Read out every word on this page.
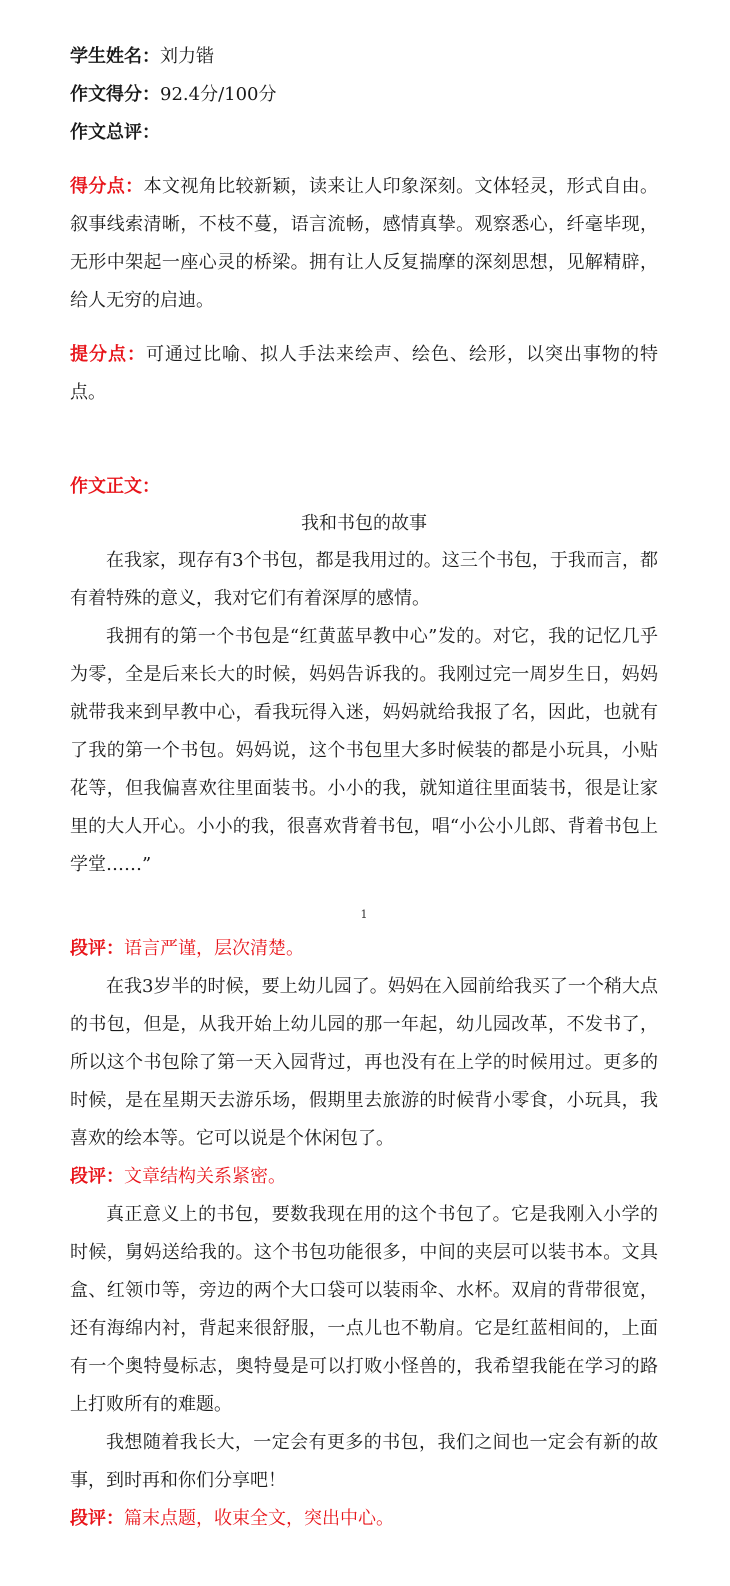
学生姓名：刘力锴
作文得分：92.4分/100分
作文总评：
得分点：本文视角比较新颖，读来让人印象深刻。文体轻灵，形式自由。叙事线索清晰，不枝不蔓，语言流畅，感情真挚。观察悉心，纤毫毕现，无形中架起一座心灵的桥梁。拥有让人反复揣摩的深刻思想，见解精辟，给人无穷的启迪。
提分点：可通过比喻、拟人手法来绘声、绘色、绘形，以突出事物的特点。
作文正文：
我和书包的故事
在我家，现存有3个书包，都是我用过的。这三个书包，于我而言，都有着特殊的意义，我对它们有着深厚的感情。
我拥有的第一个书包是“红黄蓝早教中心”发的。对它，我的记忆几乎为零，全是后来长大的时候，妈妈告诉我的。我刚过完一周岁生日，妈妈就带我来到早教中心，看我玩得入迷，妈妈就给我报了名，因此，也就有了我的第一个书包。妈妈说，这个书包里大多时候装的都是小玩具，小贴花等，但我偏喜欢往里面装书。小小的我，就知道往里面装书，很是让家里的大人开心。小小的我，很喜欢背着书包，唱“小公小儿郎、背着书包上学堂……”
1
段评：语言严谨，层次清楚。
在我3岁半的时候，要上幼儿园了。妈妈在入园前给我买了一个稍大点的书包，但是，从我开始上幼儿园的那一年起，幼儿园改革，不发书了，所以这个书包除了第一天入园背过，再也没有在上学的时候用过。更多的时候，是在星期天去游乐场，假期里去旅游的时候背小零食，小玩具，我喜欢的绘本等。它可以说是个休闲包了。
段评：文章结构关系紧密。
真正意义上的书包，要数我现在用的这个书包了。它是我刚入小学的时候，舅妈送给我的。这个书包功能很多，中间的夹层可以装书本。文具盒、红领巾等，旁边的两个大口袋可以装雨伞、水杯。双肩的背带很宽，还有海绵内衬，背起来很舒服，一点儿也不勒肩。它是红蓝相间的，上面有一个奥特曼标志，奥特曼是可以打败小怪兽的，我希望我能在学习的路上打败所有的难题。
我想随着我长大，一定会有更多的书包，我们之间也一定会有新的故事，到时再和你们分享吧！
段评：篇末点题，收束全文，突出中心。
